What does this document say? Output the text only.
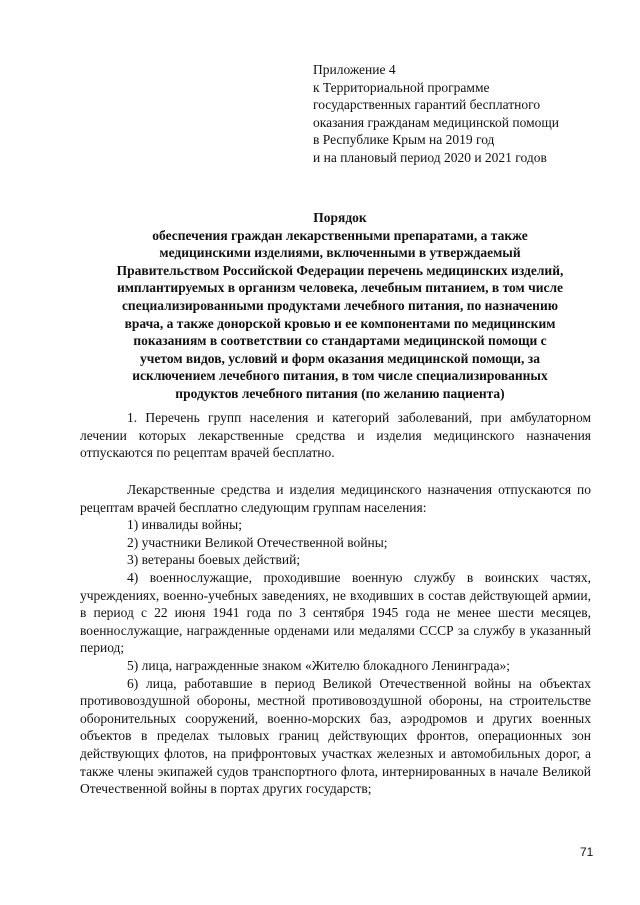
Приложение 4
к Территориальной программе
государственных гарантий бесплатного
оказания гражданам медицинской помощи
в Республике Крым на 2019 год
и на плановый период 2020 и 2021 годов
Порядок
обеспечения граждан лекарственными препаратами, а также
медицинскими изделиями, включенными в утверждаемый
Правительством Российской Федерации перечень медицинских изделий,
имплантируемых в организм человека, лечебным питанием, в том числе
специализированными продуктами лечебного питания, по назначению
врача, а также донорской кровью и ее компонентами по медицинским
показаниям в соответствии со стандартами медицинской помощи с
учетом видов, условий и форм оказания медицинской помощи, за
исключением лечебного питания, в том числе специализированных
продуктов лечебного питания (по желанию пациента)

1. Перечень групп населения и категорий заболеваний, при амбулаторном лечении которых лекарственные средства и изделия медицинского назначения отпускаются по рецептам врачей бесплатно.

Лекарственные средства и изделия медицинского назначения отпускаются по рецептам врачей бесплатно следующим группам населения:

1) инвалиды войны;

2) участники Великой Отечественной войны;

3) ветераны боевых действий;

4) военнослужащие, проходившие военную службу в воинских частях, учреждениях, военно-учебных заведениях, не входивших в состав действующей армии, в период с 22 июня 1941 года по 3 сентября 1945 года не менее шести месяцев, военнослужащие, награжденные орденами или медалями СССР за службу в указанный период;

5) лица, награжденные знаком «Жителю блокадного Ленинграда»;

6) лица, работавшие в период Великой Отечественной войны на объектах противовоздушной обороны, местной противовоздушной обороны, на строительстве оборонительных сооружений, военно-морских баз, аэродромов и других военных объектов в пределах тыловых границ действующих фронтов, операционных зон действующих флотов, на прифронтовых участках железных и автомобильных дорог, а также члены экипажей судов транспортного флота, интернированных в начале Великой Отечественной войны в портах других государств;

71
